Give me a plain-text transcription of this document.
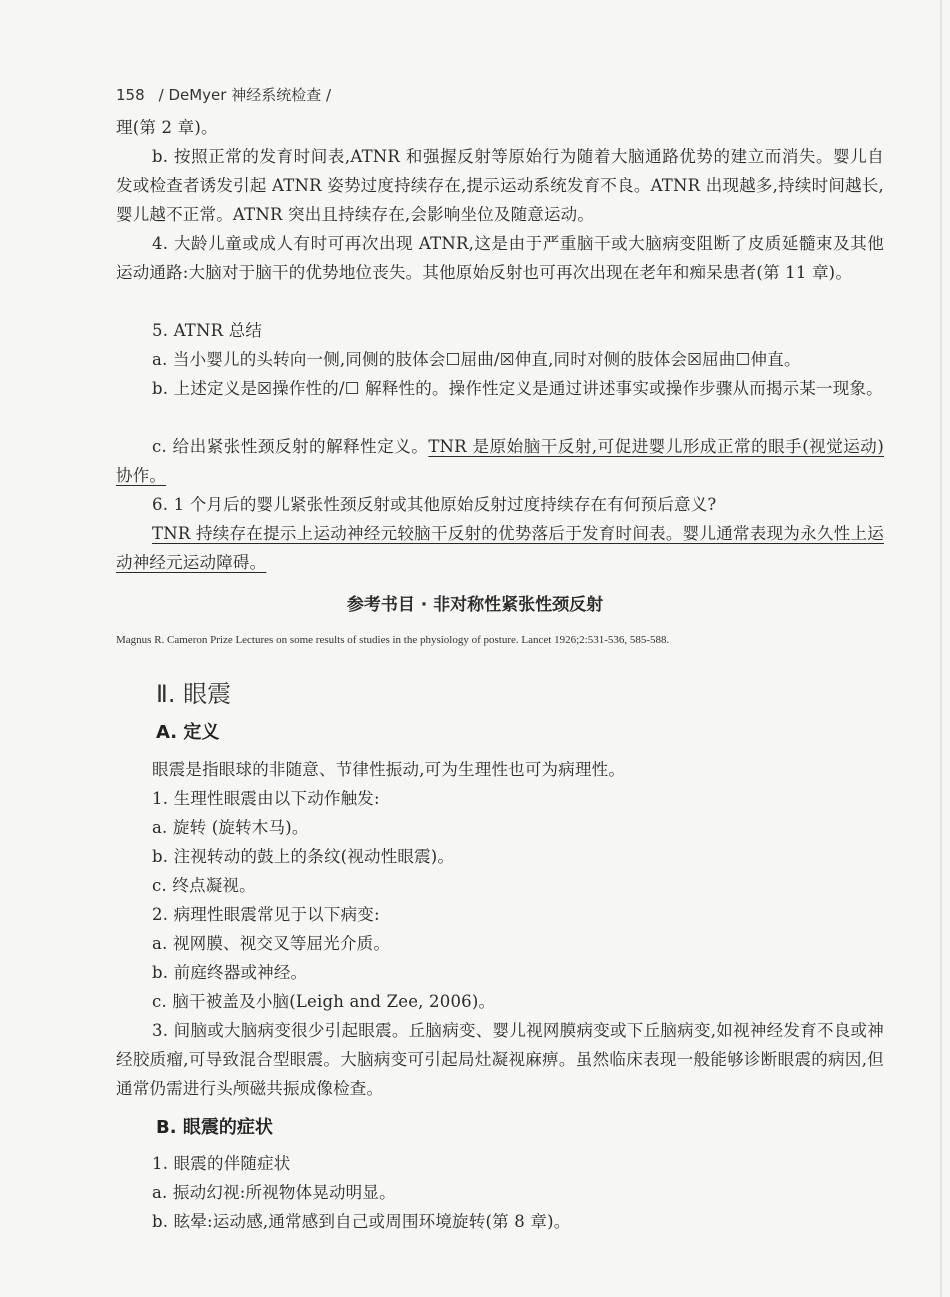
158 / DeMyer 神经系统检查 /

理(第 2 章)。

b. 按照正常的发育时间表,ATNR 和强握反射等原始行为随着大脑通路优势的建立而消失。婴儿自发或检查者诱发引起 ATNR 姿势过度持续存在,提示运动系统发育不良。ATNR 出现越多,持续时间越长,婴儿越不正常。ATNR 突出且持续存在,会影响坐位及随意运动。

4. 大龄儿童或成人有时可再次出现 ATNR,这是由于严重脑干或大脑病变阻断了皮质延髓束及其他运动通路:大脑对于脑干的优势地位丧失。其他原始反射也可再次出现在老年和痴呆患者(第 11 章)。

5. ATNR 总结

a. 当小婴儿的头转向一侧,同侧的肢体会☐屈曲/☒伸直,同时对侧的肢体会☒屈曲☐伸直。

b. 上述定义是☒操作性的/☐ 解释性的。操作性定义是通过讲述事实或操作步骤从而揭示某一现象。

c. 给出紧张性颈反射的解释性定义。TNR 是原始脑干反射,可促进婴儿形成正常的眼手(视觉运动)协作。

6. 1 个月后的婴儿紧张性颈反射或其他原始反射过度持续存在有何预后意义?

TNR 持续存在提示上运动神经元较脑干反射的优势落后于发育时间表。婴儿通常表现为永久性上运动神经元运动障碍。

参考书目 · 非对称性紧张性颈反射
Magnus R. Cameron Prize Lectures on some results of studies in the physiology of posture. Lancet 1926;2:531-536, 585-588.
Ⅱ. 眼震
A. 定义

眼震是指眼球的非随意、节律性振动,可为生理性也可为病理性。

1. 生理性眼震由以下动作触发:

a. 旋转 (旋转木马)。

b. 注视转动的鼓上的条纹(视动性眼震)。

c. 终点凝视。

2. 病理性眼震常见于以下病变:

a. 视网膜、视交叉等屈光介质。

b. 前庭终器或神经。

c. 脑干被盖及小脑(Leigh and Zee, 2006)。

3. 间脑或大脑病变很少引起眼震。丘脑病变、婴儿视网膜病变或下丘脑病变,如视神经发育不良或神经胶质瘤,可导致混合型眼震。大脑病变可引起局灶凝视麻痹。虽然临床表现一般能够诊断眼震的病因,但通常仍需进行头颅磁共振成像检查。

B. 眼震的症状

1. 眼震的伴随症状

a. 振动幻视:所视物体晃动明显。

b. 眩晕:运动感,通常感到自己或周围环境旋转(第 8 章)。
